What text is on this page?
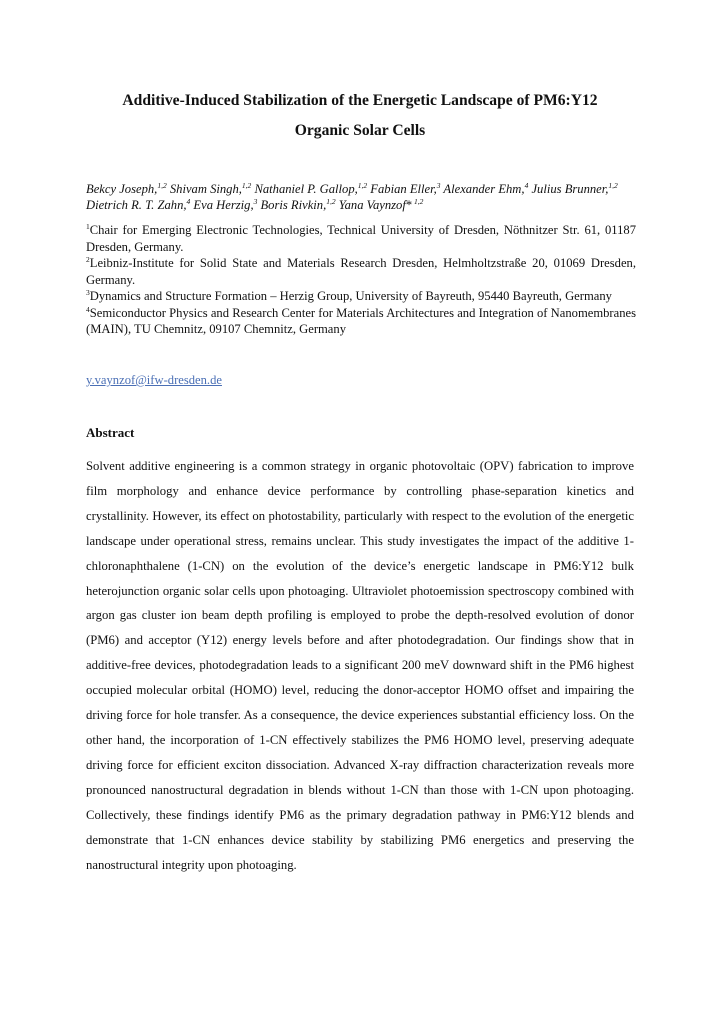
Additive-Induced Stabilization of the Energetic Landscape of PM6:Y12
Organic Solar Cells
Bekcy Joseph,$^{1,2}$ Shivam Singh,$^{1,2}$ Nathaniel P. Gallop,$^{1,2}$ Fabian Eller,$^3$ Alexander Ehm,$^4$ Julius Brunner,$^{1,2}$ Dietrich R. T. Zahn,$^4$ Eva Herzig,$^3$ Boris Rivkin,$^{1,2}$ Yana Vaynzof* $^{1,2}$

$^1$Chair for Emerging Electronic Technologies, Technical University of Dresden, Nöthnitzer Str. 61, 01187 Dresden, Germany.

$^2$Leibniz-Institute for Solid State and Materials Research Dresden, Helmholtzstraße 20, 01069 Dresden, Germany.

$^3$Dynamics and Structure Formation – Herzig Group, University of Bayreuth, 95440 Bayreuth, Germany

$^4$Semiconductor Physics and Research Center for Materials Architectures and Integration of Nanomembranes (MAIN), TU Chemnitz, 09107 Chemnitz, Germany

y.vaynzof@ifw-dresden.de
Abstract

Solvent additive engineering is a common strategy in organic photovoltaic (OPV) fabrication to improve film morphology and enhance device performance by controlling phase-separation kinetics and crystallinity. However, its effect on photostability, particularly with respect to the evolution of the energetic landscape under operational stress, remains unclear. This study investigates the impact of the additive 1-chloronaphthalene (1-CN) on the evolution of the device’s energetic landscape in PM6:Y12 bulk heterojunction organic solar cells upon photoaging. Ultraviolet photoemission spectroscopy combined with argon gas cluster ion beam depth profiling is employed to probe the depth-resolved evolution of donor (PM6) and acceptor (Y12) energy levels before and after photodegradation. Our findings show that in additive-free devices, photodegradation leads to a significant 200 meV downward shift in the PM6 highest occupied molecular orbital (HOMO) level, reducing the donor-acceptor HOMO offset and impairing the driving force for hole transfer. As a consequence, the device experiences substantial efficiency loss. On the other hand, the incorporation of 1-CN effectively stabilizes the PM6 HOMO level, preserving adequate driving force for efficient exciton dissociation. Advanced X-ray diffraction characterization reveals more pronounced nanostructural degradation in blends without 1-CN than those with 1-CN upon photoaging. Collectively, these findings identify PM6 as the primary degradation pathway in PM6:Y12 blends and demonstrate that 1-CN enhances device stability by stabilizing PM6 energetics and preserving the nanostructural integrity upon photoaging.
